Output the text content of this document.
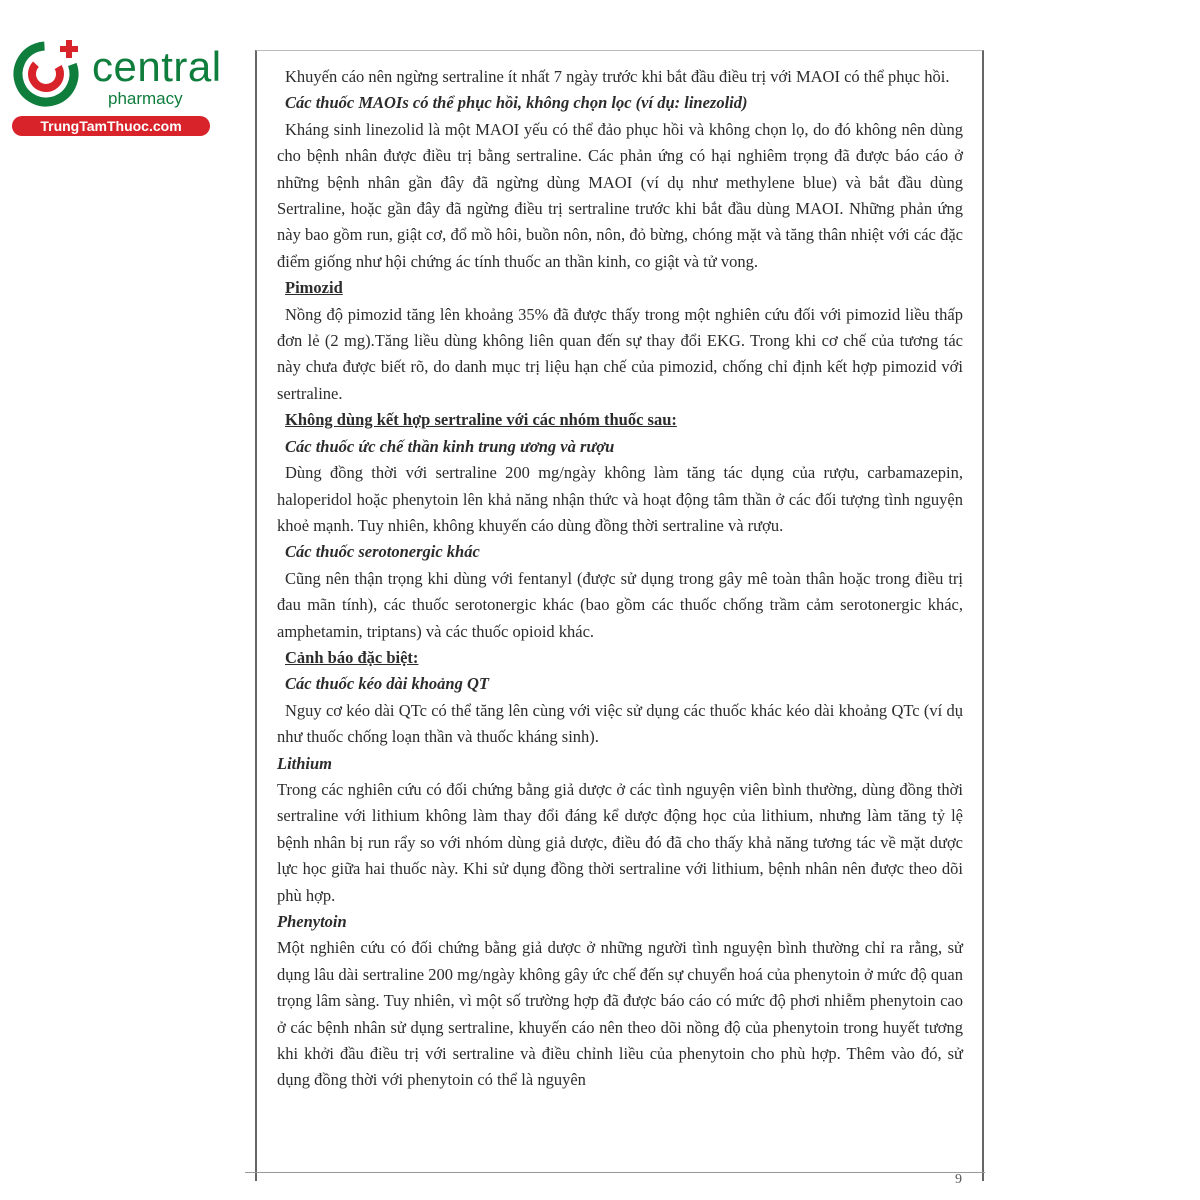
central
pharmacy
TrungTamThuoc.com

Khuyến cáo nên ngừng sertraline ít nhất 7 ngày trước khi bắt đầu điều trị với MAOI có thể phục hồi.

Các thuốc MAOIs có thể phục hồi, không chọn lọc (ví dụ: linezolid)

Kháng sinh linezolid là một MAOI yếu có thể đảo phục hồi và không chọn lọ, do đó không nên dùng cho bệnh nhân được điều trị bằng sertraline. Các phản ứng có hại nghiêm trọng đã được báo cáo ở những bệnh nhân gần đây đã ngừng dùng MAOI (ví dụ như methylene blue) và bắt đầu dùng Sertraline, hoặc gần đây đã ngừng điều trị sertraline trước khi bắt đầu dùng MAOI. Những phản ứng này bao gồm run, giật cơ, đổ mồ hôi, buồn nôn, nôn, đỏ bừng, chóng mặt và tăng thân nhiệt với các đặc điểm giống như hội chứng ác tính thuốc an thần kinh, co giật và tử vong.

Pimozid

Nồng độ pimozid tăng lên khoảng 35% đã được thấy trong một nghiên cứu đối với pimozid liều thấp đơn lẻ (2 mg).Tăng liều dùng không liên quan đến sự thay đổi EKG. Trong khi cơ chế của tương tác này chưa được biết rõ, do danh mục trị liệu hạn chế của pimozid, chống chỉ định kết hợp pimozid với sertraline.

Không dùng kết hợp sertraline với các nhóm thuốc sau:

Các thuốc ức chế thần kinh trung ương và rượu

Dùng đồng thời với sertraline 200 mg/ngày không làm tăng tác dụng của rượu, carbamazepin, haloperidol hoặc phenytoin lên khả năng nhận thức và hoạt động tâm thần ở các đối tượng tình nguyện khoẻ mạnh. Tuy nhiên, không khuyến cáo dùng đồng thời sertraline và rượu.

Các thuốc serotonergic khác

Cũng nên thận trọng khi dùng với fentanyl (được sử dụng trong gây mê toàn thân hoặc trong điều trị đau mãn tính), các thuốc serotonergic khác (bao gồm các thuốc chống trầm cảm serotonergic khác, amphetamin, triptans) và các thuốc opioid khác.

Cảnh báo đặc biệt:

Các thuốc kéo dài khoảng QT

Nguy cơ kéo dài QTc có thể tăng lên cùng với việc sử dụng các thuốc khác kéo dài khoảng QTc (ví dụ như thuốc chống loạn thần và thuốc kháng sinh).

Lithium

Trong các nghiên cứu có đối chứng bằng giả dược ở các tình nguyện viên bình thường, dùng đồng thời sertraline với lithium không làm thay đổi đáng kể dược động học của lithium, nhưng làm tăng tỷ lệ bệnh nhân bị run rẩy so với nhóm dùng giả dược, điều đó đã cho thấy khả năng tương tác về mặt dược lực học giữa hai thuốc này. Khi sử dụng đồng thời sertraline với lithium, bệnh nhân nên được theo dõi phù hợp.

Phenytoin

Một nghiên cứu có đối chứng bằng giả dược ở những người tình nguyện bình thường chỉ ra rằng, sử dụng lâu dài sertraline 200 mg/ngày không gây ức chế đến sự chuyển hoá của phenytoin ở mức độ quan trọng lâm sàng. Tuy nhiên, vì một số trường hợp đã được báo cáo có mức độ phơi nhiễm phenytoin cao ở các bệnh nhân sử dụng sertraline, khuyến cáo nên theo dõi nồng độ của phenytoin trong huyết tương khi khởi đầu điều trị với sertraline và điều chỉnh liều của phenytoin cho phù hợp. Thêm vào đó, sử dụng đồng thời với phenytoin có thể là nguyên

9
